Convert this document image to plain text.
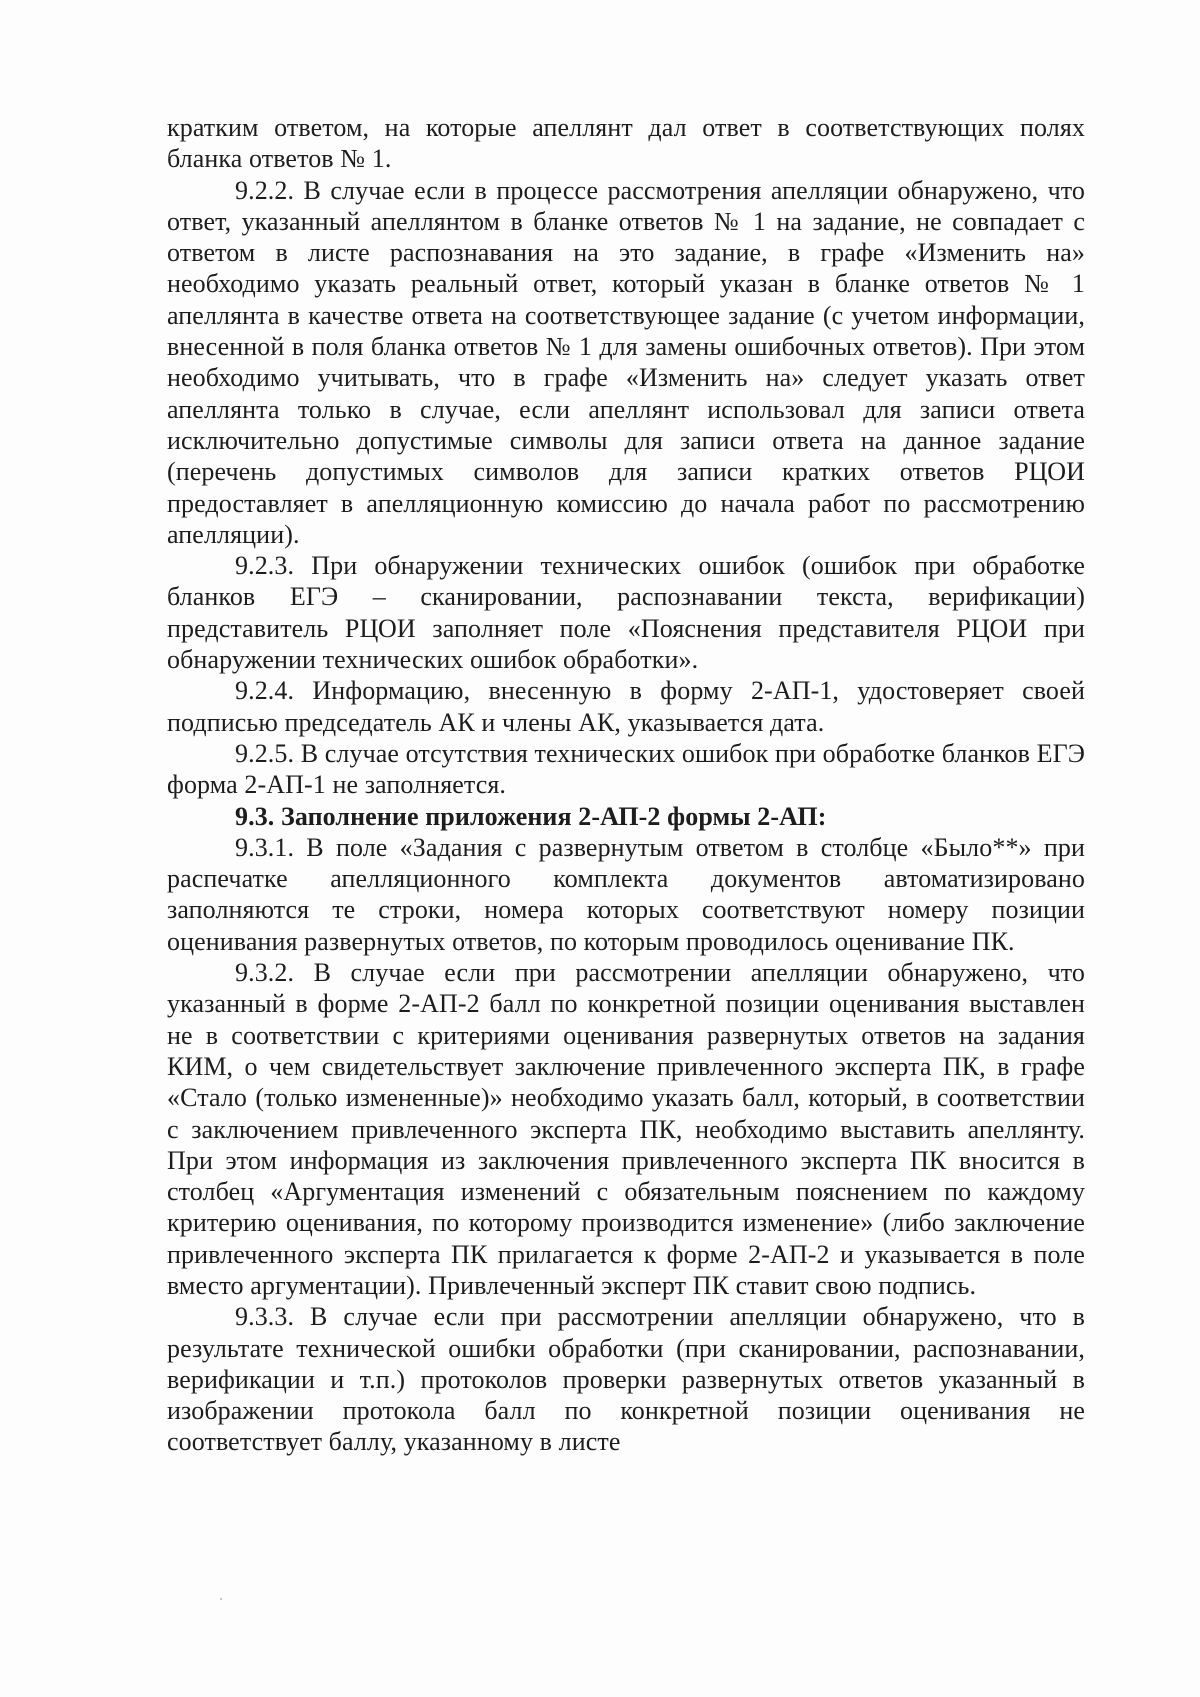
кратким ответом, на которые апеллянт дал ответ в соответствующих полях бланка ответов № 1.

9.2.2. В случае если в процессе рассмотрения апелляции обнаружено, что ответ, указанный апеллянтом в бланке ответов № 1 на задание, не совпадает с ответом в листе распознавания на это задание, в графе «Изменить на» необходимо указать реальный ответ, который указан в бланке ответов № 1 апеллянта в качестве ответа на соответствующее задание (с учетом информации, внесенной в поля бланка ответов № 1 для замены ошибочных ответов). При этом необходимо учитывать, что в графе «Изменить на» следует указать ответ апеллянта только в случае, если апеллянт использовал для записи ответа исключительно допустимые символы для записи ответа на данное задание (перечень допустимых символов для записи кратких ответов РЦОИ предоставляет в апелляционную комиссию до начала работ по рассмотрению апелляции).

9.2.3. При обнаружении технических ошибок (ошибок при обработке бланков ЕГЭ – сканировании, распознавании текста, верификации) представитель РЦОИ заполняет поле «Пояснения представителя РЦОИ при обнаружении технических ошибок обработки».

9.2.4. Информацию, внесенную в форму 2-АП-1, удостоверяет своей подписью председатель АК и члены АК, указывается дата.

9.2.5. В случае отсутствия технических ошибок при обработке бланков ЕГЭ форма 2-АП-1 не заполняется.

9.3. Заполнение приложения 2-АП-2 формы 2-АП:

9.3.1. В поле «Задания с развернутым ответом в столбце «Было**» при распечатке апелляционного комплекта документов автоматизировано заполняются те строки, номера которых соответствуют номеру позиции оценивания развернутых ответов, по которым проводилось оценивание ПК.

9.3.2. В случае если при рассмотрении апелляции обнаружено, что указанный в форме 2-АП-2 балл по конкретной позиции оценивания выставлен не в соответствии с критериями оценивания развернутых ответов на задания КИМ, о чем свидетельствует заключение привлеченного эксперта ПК, в графе «Стало (только измененные)» необходимо указать балл, который, в соответствии с заключением привлеченного эксперта ПК, необходимо выставить апеллянту. При этом информация из заключения привлеченного эксперта ПК вносится в столбец «Аргументация изменений с обязательным пояснением по каждому критерию оценивания, по которому производится изменение» (либо заключение привлеченного эксперта ПК прилагается к форме 2-АП-2 и указывается в поле вместо аргументации). Привлеченный эксперт ПК ставит свою подпись.

9.3.3. В случае если при рассмотрении апелляции обнаружено, что в результате технической ошибки обработки (при сканировании, распознавании, верификации и т.п.) протоколов проверки развернутых ответов указанный в изображении протокола балл по конкретной позиции оценивания не соответствует баллу, указанному в листе
